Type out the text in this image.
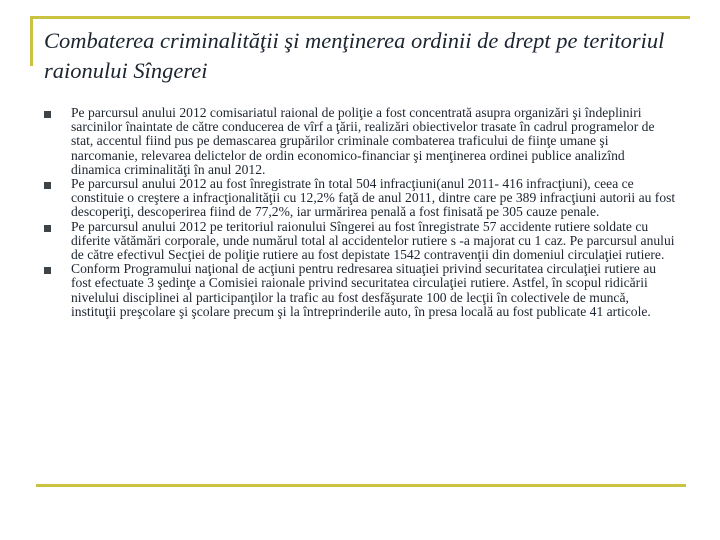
Combaterea criminalităţii şi menţinerea ordinii de drept pe teritoriul raionului Sîngerei
Pe parcursul anului 2012 comisariatul raional de poliţie a fost concentrată asupra organizări şi îndepliniri sarcinilor înaintate de către conducerea de vîrf a ţării, realizări obiectivelor trasate în cadrul programelor de stat, accentul fiind pus pe demascarea grupărilor criminale combaterea traficului de fiinţe umane şi narcomanie, relevarea delictelor de ordin economico-financiar şi menţinerea ordinei publice analizînd dinamica criminalităţi în anul 2012.
Pe parcursul anului 2012 au fost înregistrate în total 504 infracţiuni(anul 2011- 416 infracţiuni), ceea ce constituie o creştere a infracţionalităţii cu 12,2% faţă de anul 2011, dintre care pe 389 infracţiuni autorii au fost descoperiţi, descoperirea fiind de 77,2%, iar urmărirea penală a fost finisată pe 305 cauze penale.
Pe parcursul anului 2012 pe teritoriul raionului Sîngerei au fost înregistrate 57 accidente rutiere soldate cu diferite vătămări corporale, unde numărul total al accidentelor rutiere s -a majorat cu 1 caz. Pe parcursul anului de către efectivul Secţiei de poliţie rutiere au fost depistate 1542 contravenţii din domeniul circulaţiei rutiere.
Conform Programului naţional de acţiuni pentru redresarea situaţiei privind securitatea circulaţiei rutiere au fost efectuate 3 şedinţe a Comisiei raionale privind securitatea circulaţiei rutiere. Astfel, în scopul ridicării nivelului disciplinei al participanţilor la trafic au fost desfăşurate 100 de lecţii în colectivele de muncă, instituţii preşcolare şi şcolare precum şi la întreprinderile auto, în presa locală au fost publicate 41 articole.
